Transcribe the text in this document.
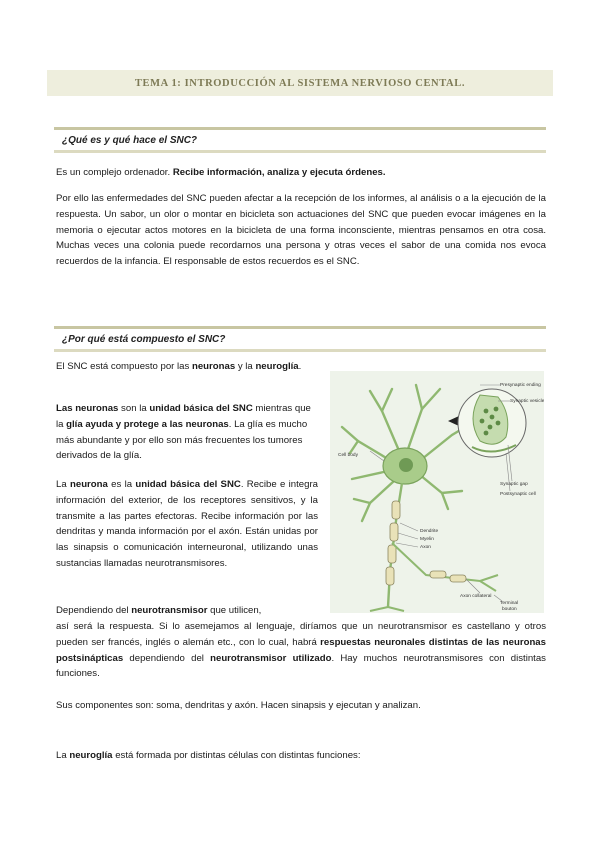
TEMA 1: INTRODUCCIÓN AL SISTEMA NERVIOSO CENTAL.
¿Qué es y qué hace el SNC?
Es un complejo ordenador. Recibe información, analiza y ejecuta órdenes.
Por ello las enfermedades del SNC pueden afectar a la recepción de los informes, al análisis o a la ejecución de la respuesta. Un sabor, un olor o montar en bicicleta son actuaciones del SNC que pueden evocar imágenes en la memoria o ejecutar actos motores en la bicicleta de una forma inconsciente, mientras pensamos en otra cosa. Muchas veces una colonia puede recordarnos una persona y otras veces el sabor de una comida nos evoca recuerdos de la infancia. El responsable de estos recuerdos es el SNC.
¿Por qué está compuesto el SNC?
El SNC está compuesto por las neuronas y la neuroglía.
Las neuronas son la unidad básica del SNC mientras que la glía ayuda y protege a las neuronas. La glía es mucho más abundante y por ello son más frecuentes los tumores derivados de la glía.
La neurona es la unidad básica del SNC. Recibe e integra información del exterior, de los receptores sensitivos, y la transmite a las partes efectoras. Recibe información por las dendritas y manda información por el axón. Están unidas por las sinapsis o comunicación interneuronal, utilizando unas sustancias llamadas neurotransmisores.
Dependiendo del neurotransmisor que utilicen,
así será la respuesta. Si lo asemejamos al lenguaje, diríamos que un neurotransmisor es castellano y otros pueden ser francés, inglés o alemán etc., con lo cual, habrá respuestas neuronales distintas de las neuronas postsinápticas dependiendo del neurotransmisor utilizado. Hay muchos neurotransmisores con distintas funciones.
Sus componentes son: soma, dendritas y axón. Hacen sinapsis y ejecutan y analizan.
La neuroglía está formada por distintas células con distintas funciones:
Presynaptic ending
Synaptic vesicle
Cell body
Synaptic gap
Postsynaptic cell
Dendrite
Myelin
Axon
Axon collateral
Terminal
bouton
